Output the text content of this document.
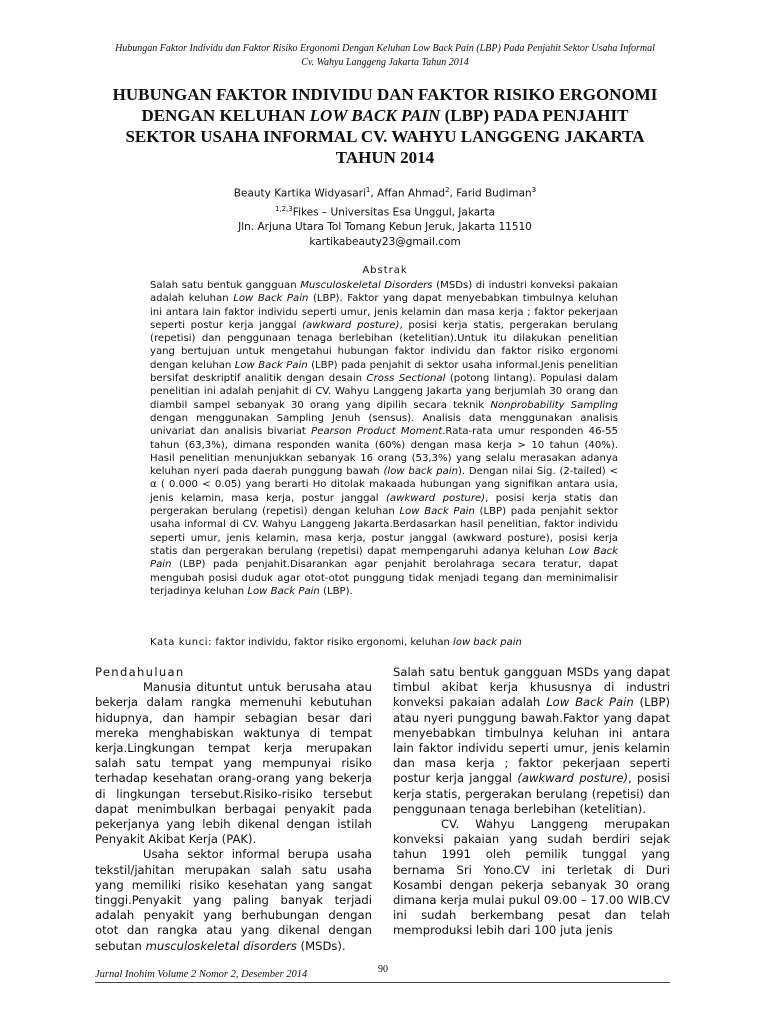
Hubungan Faktor Individu dan Faktor Risiko Ergonomi Dengan Keluhan Low Back Pain (LBP) Pada Penjahit Sektor Usaha Informal
Cv. Wahyu Langgeng Jakarta Tahun 2014
HUBUNGAN FAKTOR INDIVIDU DAN FAKTOR RISIKO ERGONOMI
DENGAN KELUHAN LOW BACK PAIN (LBP) PADA PENJAHIT
SEKTOR USAHA INFORMAL CV. WAHYU LANGGENG JAKARTA
TAHUN 2014
Beauty Kartika Widyasari$^1$, Affan Ahmad$^2$, Farid Budiman$^3$
$^{1,2,3}$Fikes – Universitas Esa Unggul, Jakarta
Jln. Arjuna Utara Tol Tomang Kebun Jeruk, Jakarta 11510
kartikabeauty23@gmail.com
Abstrak
Salah satu bentuk gangguan Musculoskeletal Disorders (MSDs) di industri konveksi pakaian adalah keluhan Low Back Pain (LBP). Faktor yang dapat menyebabkan timbulnya keluhan ini antara lain faktor individu seperti umur, jenis kelamin dan masa kerja ; faktor pekerjaan seperti postur kerja janggal (awkward posture), posisi kerja statis, pergerakan berulang (repetisi) dan penggunaan tenaga berlebihan (ketelitian).Untuk itu dilakukan penelitian yang bertujuan untuk mengetahui hubungan faktor individu dan faktor risiko ergonomi dengan keluhan Low Back Pain (LBP) pada penjahit di sektor usaha informal.Jenis penelitian bersifat deskriptif analitik dengan desain Cross Sectional (potong lintang). Populasi dalam penelitian ini adalah penjahit di CV. Wahyu Langgeng Jakarta yang berjumlah 30 orang dan diambil sampel sebanyak 30 orang yang dipilih secara teknik Nonprobability Sampling dengan menggunakan Sampling Jenuh (sensus). Analisis data menggunakan analisis univariat dan analisis bivariat Pearson Product Moment.Rata-rata umur responden 46-55 tahun (63,3%), dimana responden wanita (60%) dengan masa kerja > 10 tahun (40%). Hasil penelitian menunjukkan sebanyak 16 orang (53,3%) yang selalu merasakan adanya keluhan nyeri pada daerah punggung bawah (low back pain). Dengan nilai Sig. (2-tailed) < α ( 0.000 < 0.05) yang berarti Ho ditolak makaada hubungan yang signifikan antara usia, jenis kelamin, masa kerja, postur janggal (awkward posture), posisi kerja statis dan pergerakan berulang (repetisi) dengan keluhan Low Back Pain (LBP) pada penjahit sektor usaha informal di CV. Wahyu Langgeng Jakarta.Berdasarkan hasil penelitian, faktor individu seperti umur, jenis kelamin, masa kerja, postur janggal (awkward posture), posisi kerja statis dan pergerakan berulang (repetisi) dapat mempengaruhi adanya keluhan Low Back Pain (LBP) pada penjahit.Disarankan agar penjahit berolahraga secara teratur, dapat mengubah posisi duduk agar otot-otot punggung tidak menjadi tegang dan meminimalisir terjadinya keluhan Low Back Pain (LBP).
Kata kunci: faktor individu, faktor risiko ergonomi, keluhan low back pain
Pendahuluan

Manusia dituntut untuk berusaha atau bekerja dalam rangka memenuhi kebutuhan hidupnya, dan hampir sebagian besar dari mereka menghabiskan waktunya di tempat kerja.Lingkungan tempat kerja merupakan salah satu tempat yang mempunyai risiko terhadap kesehatan orang-orang yang bekerja di lingkungan tersebut.Risiko-risiko tersebut dapat menimbulkan berbagai penyakit pada pekerjanya yang lebih dikenal dengan istilah Penyakit Akibat Kerja (PAK).

Usaha sektor informal berupa usaha tekstil/jahitan merupakan salah satu usaha yang memiliki risiko kesehatan yang sangat tinggi.Penyakit yang paling banyak terjadi adalah penyakit yang berhubungan dengan otot dan rangka atau yang dikenal dengan sebutan musculoskeletal disorders (MSDs).

Salah satu bentuk gangguan MSDs yang dapat timbul akibat kerja khususnya di industri konveksi pakaian adalah Low Back Pain (LBP) atau nyeri punggung bawah.Faktor yang dapat menyebabkan timbulnya keluhan ini antara lain faktor individu seperti umur, jenis kelamin dan masa kerja ; faktor pekerjaan seperti postur kerja janggal (awkward posture), posisi kerja statis, pergerakan berulang (repetisi) dan penggunaan tenaga berlebihan (ketelitian).

CV. Wahyu Langgeng merupakan konveksi pakaian yang sudah berdiri sejak tahun 1991 oleh pemilik tunggal yang bernama Sri Yono.CV ini terletak di Duri Kosambi dengan pekerja sebanyak 30 orang dimana kerja mulai pukul 09.00 – 17.00 WIB.CV ini sudah berkembang pesat dan telah memproduksi lebih dari 100 juta jenis

90
Jurnal Inohim Volume 2 Nomor 2, Desember 2014
